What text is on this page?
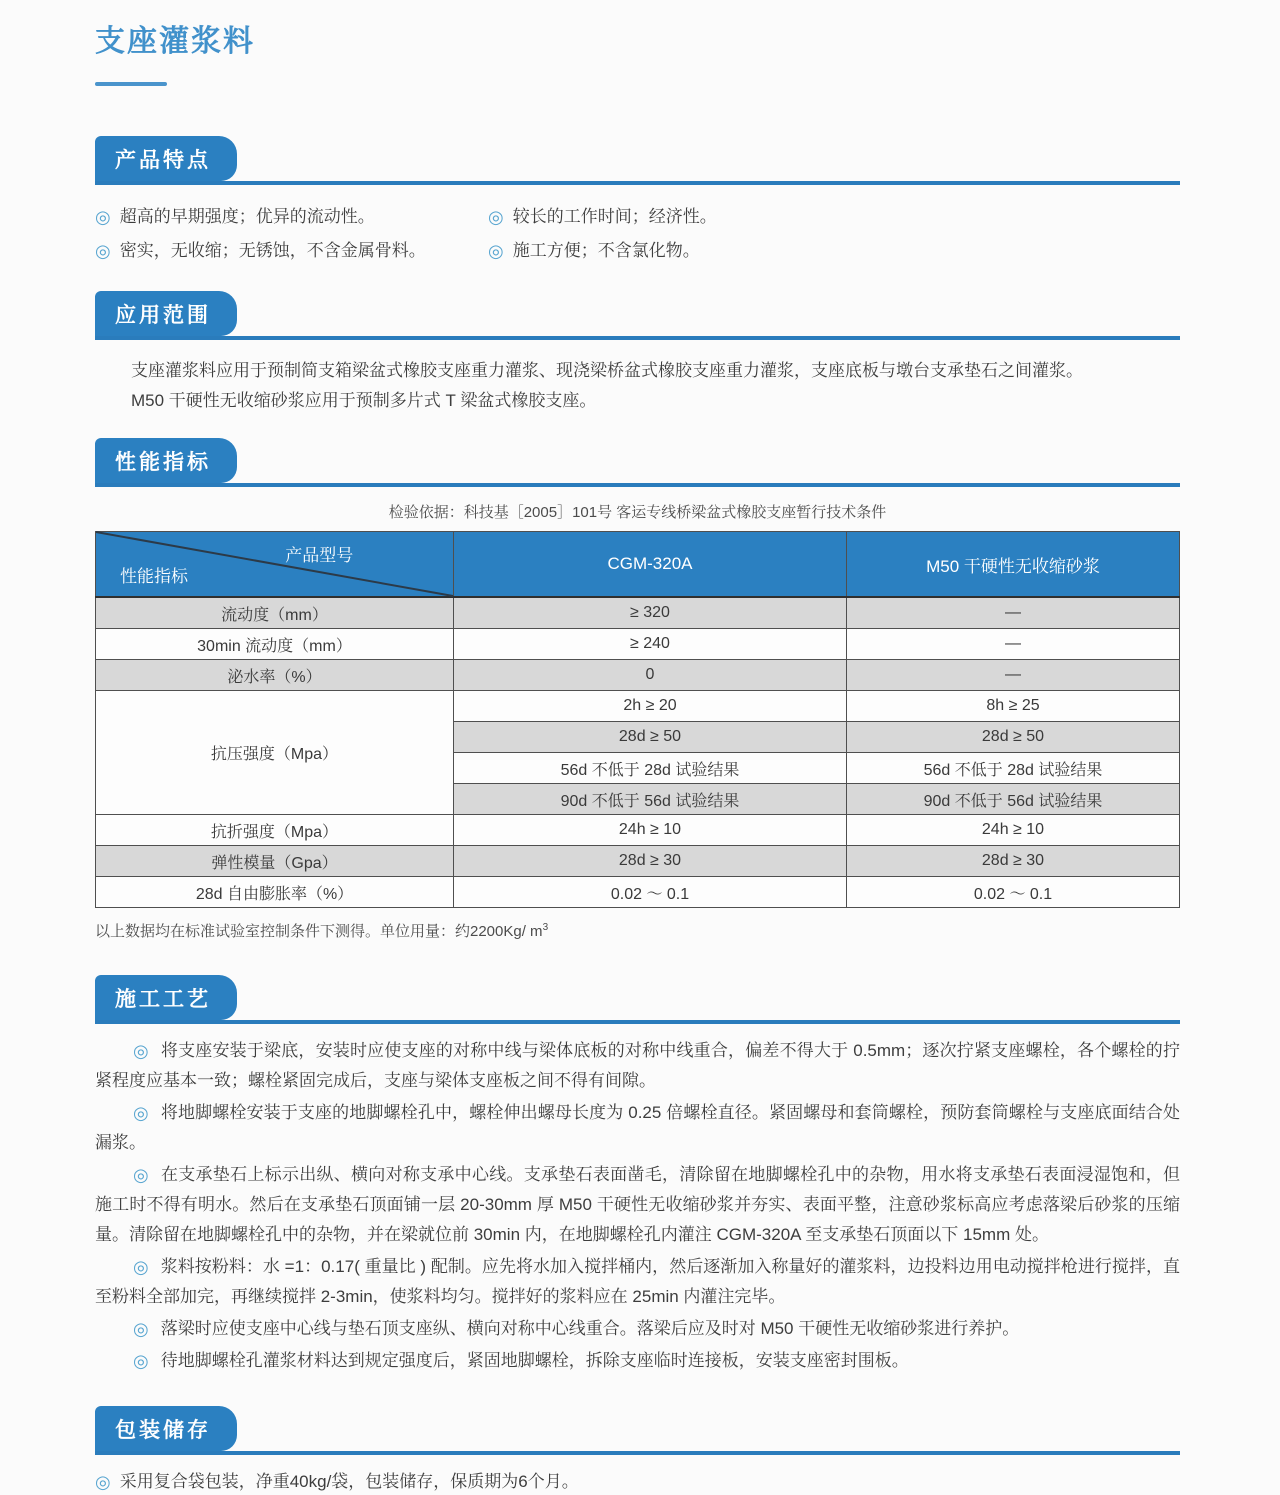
支座灌浆料
产品特点
◎ 超高的早期强度；优异的流动性。	◎ 较长的工作时间；经济性。
◎ 密实，无收缩；无锈蚀，不含金属骨料。	◎ 施工方便；不含氯化物。
应用范围

支座灌浆料应用于预制简支箱梁盆式橡胶支座重力灌浆、现浇梁桥盆式橡胶支座重力灌浆，支座底板与墩台支承垫石之间灌浆。

M50 干硬性无收缩砂浆应用于预制多片式 T 梁盆式橡胶支座。

性能指标
检验依据：科技基［2005］101号 客运专线桥梁盆式橡胶支座暂行技术条件
产品型号
性能指标	CGM-320A	M50 干硬性无收缩砂浆
流动度（mm）	≥ 320	—
30min 流动度（mm）	≥ 240	—
泌水率（%）	0	—
抗压强度（Mpa）	2h ≥ 20	8h ≥ 25
	28d ≥ 50	28d ≥ 50
	56d 不低于 28d 试验结果	56d 不低于 28d 试验结果
	90d 不低于 56d 试验结果	90d 不低于 56d 试验结果
抗折强度（Mpa）	24h ≥ 10	24h ≥ 10
弹性模量（Gpa）	28d ≥ 30	28d ≥ 30
28d 自由膨胀率（%）	0.02 ～ 0.1	0.02 ～ 0.1
以上数据均在标准试验室控制条件下测得。单位用量：约2200Kg/ $m^3$
施工工艺

◎ 将支座安装于梁底，安装时应使支座的对称中线与梁体底板的对称中线重合，偏差不得大于 0.5mm；逐次拧紧支座螺栓，各个螺栓的拧紧程度应基本一致；螺栓紧固完成后，支座与梁体支座板之间不得有间隙。

◎ 将地脚螺栓安装于支座的地脚螺栓孔中，螺栓伸出螺母长度为 0.25 倍螺栓直径。紧固螺母和套筒螺栓，预防套筒螺栓与支座底面结合处漏浆。

◎ 在支承垫石上标示出纵、横向对称支承中心线。支承垫石表面凿毛，清除留在地脚螺栓孔中的杂物，用水将支承垫石表面浸湿饱和，但施工时不得有明水。然后在支承垫石顶面铺一层 20-30mm 厚 M50 干硬性无收缩砂浆并夯实、表面平整，注意砂浆标高应考虑落梁后砂浆的压缩量。清除留在地脚螺栓孔中的杂物，并在梁就位前 30min 内，在地脚螺栓孔内灌注 CGM-320A 至支承垫石顶面以下 15mm 处。

◎ 浆料按粉料：水 =1：0.17( 重量比 ) 配制。应先将水加入搅拌桶内，然后逐渐加入称量好的灌浆料，边投料边用电动搅拌枪进行搅拌，直至粉料全部加完，再继续搅拌 2-3min，使浆料均匀。搅拌好的浆料应在 25min 内灌注完毕。

◎ 落梁时应使支座中心线与垫石顶支座纵、横向对称中心线重合。落梁后应及时对 M50 干硬性无收缩砂浆进行养护。

◎ 待地脚螺栓孔灌浆材料达到规定强度后，紧固地脚螺栓，拆除支座临时连接板，安装支座密封围板。

包装储存

◎ 采用复合袋包装，净重40kg/袋，包装储存，保质期为6个月。
